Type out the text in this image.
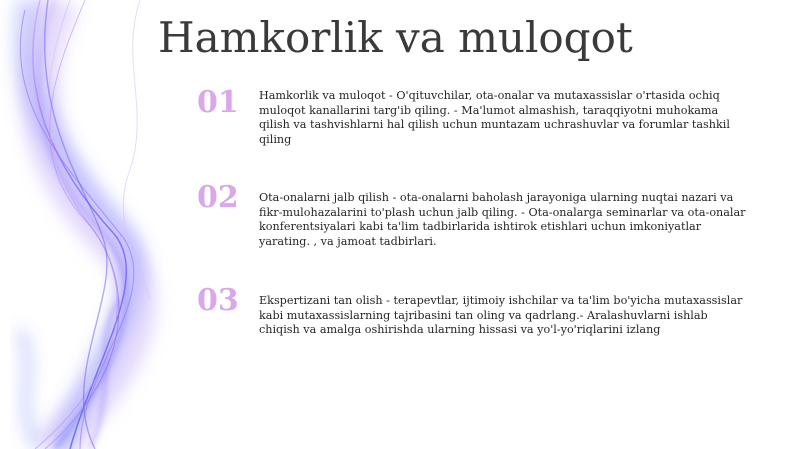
Hamkorlik va muloqot
01 Hamkorlik va muloqot - O'qituvchilar, ota-onalar va mutaxassislar o'rtasida ochiq muloqot kanallarini targ'ib qiling. - Ma'lumot almashish, taraqqiyotni muhokama qilish va tashvishlarni hal qilish uchun muntazam uchrashuvlar va forumlar tashkil qiling

02 Ota-onalarni jalb qilish - ota-onalarni baholash jarayoniga ularning nuqtai nazari va fikr-mulohazalarini to'plash uchun jalb qiling. - Ota-onalarga seminarlar va ota-onalar konferentsiyalari kabi ta'lim tadbirlarida ishtirok etishlari uchun imkoniyatlar yarating. , va jamoat tadbirlari.

03 Ekspertizani tan olish - terapevtlar, ijtimoiy ishchilar va ta'lim bo'yicha mutaxassislar kabi mutaxassislarning tajribasini tan oling va qadrlang.- Aralashuvlarni ishlab chiqish va amalga oshirishda ularning hissasi va yo'l-yo'riqlarini izlang
